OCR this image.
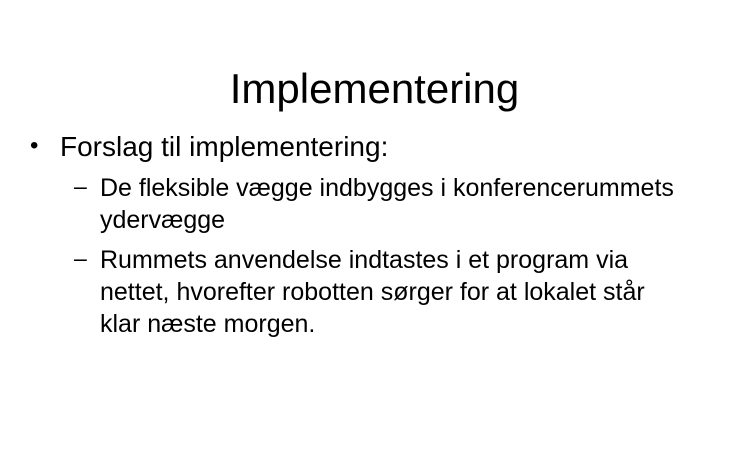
Implementering
• Forslag til implementering:
– De fleksible vægge indbygges i konferencerummets ydervægge
– Rummets anvendelse indtastes i et program via nettet, hvorefter robotten sørger for at lokalet står klar næste morgen.
